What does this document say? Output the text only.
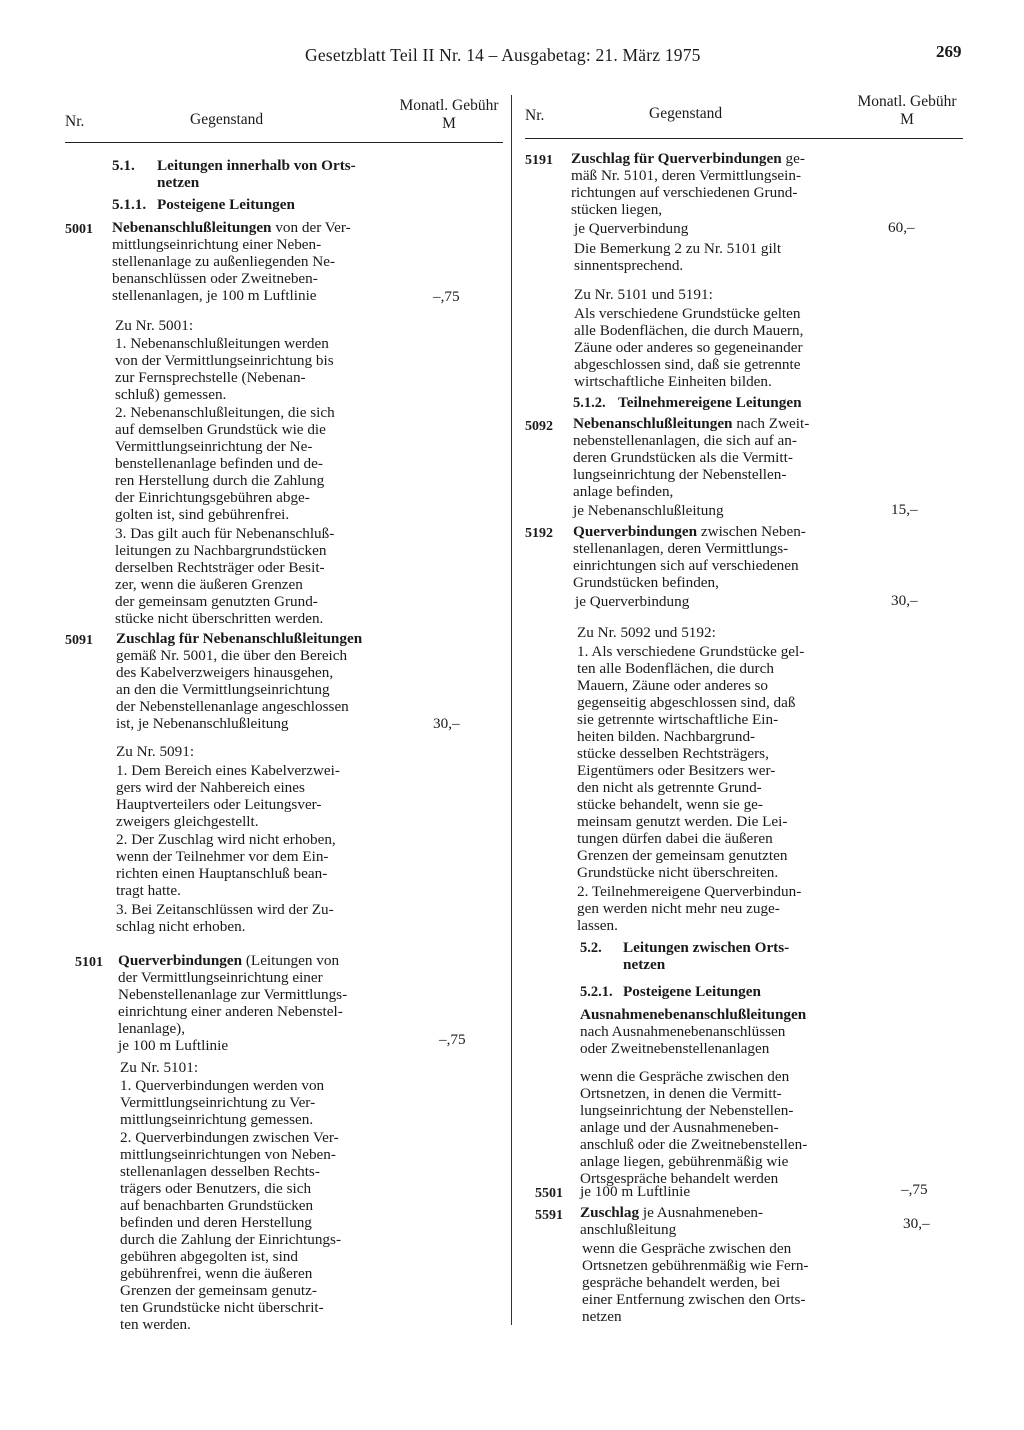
Gesetzblatt Teil II Nr. 14 – Ausgabetag: 21. März 1975	269
Nr.	Gegenstand
Monatl. Gebühr
M
5.1. Leitungen innerhalb von Orts-
netzen
5.1.1. Posteigene Leitungen
5001	Nebenanschlußleitungen von der Ver-
mittlungseinrichtung einer Neben-
stellenanlage zu außenliegenden Ne-
benanschlüssen oder Zweitneben-
stellenanlagen, je 100 m Luftlinie	–,75
Zu Nr. 5001:
1. Nebenanschlußleitungen werden
von der Vermittlungseinrichtung bis
zur Fernsprechstelle (Nebenan-
schluß) gemessen.
2. Nebenanschlußleitungen, die sich
auf demselben Grundstück wie die
Vermittlungseinrichtung der Ne-
benstellenanlage befinden und de-
ren Herstellung durch die Zahlung
der Einrichtungsgebühren abge-
golten ist, sind gebührenfrei.
3. Das gilt auch für Nebenanschluß-
leitungen zu Nachbargrundstücken
derselben Rechtsträger oder Besit-
zer, wenn die äußeren Grenzen
der gemeinsam genutzten Grund-
stücke nicht überschritten werden.
5091	Zuschlag für Nebenanschlußleitungen
gemäß Nr. 5001, die über den Bereich
des Kabelverzweigers hinausgehen,
an den die Vermittlungseinrichtung
der Nebenstellenanlage angeschlossen
ist, je Nebenanschlußleitung	30,–
Zu Nr. 5091:
1. Dem Bereich eines Kabelverzwei-
gers wird der Nahbereich eines
Hauptverteilers oder Leitungsver-
zweigers gleichgestellt.
2. Der Zuschlag wird nicht erhoben,
wenn der Teilnehmer vor dem Ein-
richten einen Hauptanschluß bean-
tragt hatte.
3. Bei Zeitanschlüssen wird der Zu-
schlag nicht erhoben.
5101 Querverbindungen (Leitungen von
der Vermittlungseinrichtung einer
Nebenstellenanlage zur Vermittlungs-
einrichtung einer anderen Nebenstel-
lenanlage),
je 100 m Luftlinie	–,75
Zu Nr. 5101:
1. Querverbindungen werden von
Vermittlungseinrichtung zu Ver-
mittlungseinrichtung gemessen.
2. Querverbindungen zwischen Ver-
mittlungseinrichtungen von Neben-
stellenanlagen desselben Rechts-
trägers oder Benutzers, die sich
auf benachbarten Grundstücken
befinden und deren Herstellung
durch die Zahlung der Einrichtungs-
gebühren abgegolten ist, sind
gebührenfrei, wenn die äußeren
Grenzen der gemeinsam genutz-
ten Grundstücke nicht überschrit-
ten werden.
Nr.	Gegenstand
Monatl. Gebühr
M
5191	Zuschlag für Querverbindungen ge-
mäß Nr. 5101, deren Vermittlungsein-
richtungen auf verschiedenen Grund-
stücken liegen,
je Querverbindung	60,–
Die Bemerkung 2 zu Nr. 5101 gilt
sinnentsprechend.
Zu Nr. 5101 und 5191:
Als verschiedene Grundstücke gelten
alle Bodenflächen, die durch Mauern,
Zäune oder anderes so gegeneinander
abgeschlossen sind, daß sie getrennte
wirtschaftliche Einheiten bilden.
5.1.2. Teilnehmereigene Leitungen
5092	Nebenanschlußleitungen nach Zweit-
nebenstellenanlagen, die sich auf an-
deren Grundstücken als die Vermitt-
lungseinrichtung der Nebenstellen-
anlage befinden,
je Nebenanschlußleitung	15,–
5192	Querverbindungen zwischen Neben-
stellenanlagen, deren Vermittlungs-
einrichtungen sich auf verschiedenen
Grundstücken befinden,
je Querverbindung	30,–
Zu Nr. 5092 und 5192:
1. Als verschiedene Grundstücke gel-
ten alle Bodenflächen, die durch
Mauern, Zäune oder anderes so
gegenseitig abgeschlossen sind, daß
sie getrennte wirtschaftliche Ein-
heiten bilden. Nachbargrund-
stücke desselben Rechtsträgers,
Eigentümers oder Besitzers wer-
den nicht als getrennte Grund-
stücke behandelt, wenn sie ge-
meinsam genutzt werden. Die Lei-
tungen dürfen dabei die äußeren
Grenzen der gemeinsam genutzten
Grundstücke nicht überschreiten.
2. Teilnehmereigene Querverbindun-
gen werden nicht mehr neu zuge-
lassen.
5.2. Leitungen zwischen Orts-
netzen
5.2.1. Posteigene Leitungen
Ausnahmenebenanschlußleitungen
nach Ausnahmenebenanschlüssen
oder Zweitnebenstellenanlagen
wenn die Gespräche zwischen den
Ortsnetzen, in denen die Vermitt-
lungseinrichtung der Nebenstellen-
anlage und der Ausnahmeneben-
anschluß oder die Zweitnebenstellen-
anlage liegen, gebührenmäßig wie
Ortsgespräche behandelt werden
5501	je 100 m Luftlinie	–,75
5591	Zuschlag je Ausnahmeneben-
anschlußleitung	30,–
wenn die Gespräche zwischen den
Ortsnetzen gebührenmäßig wie Fern-
gespräche behandelt werden, bei
einer Entfernung zwischen den Orts-
netzen
